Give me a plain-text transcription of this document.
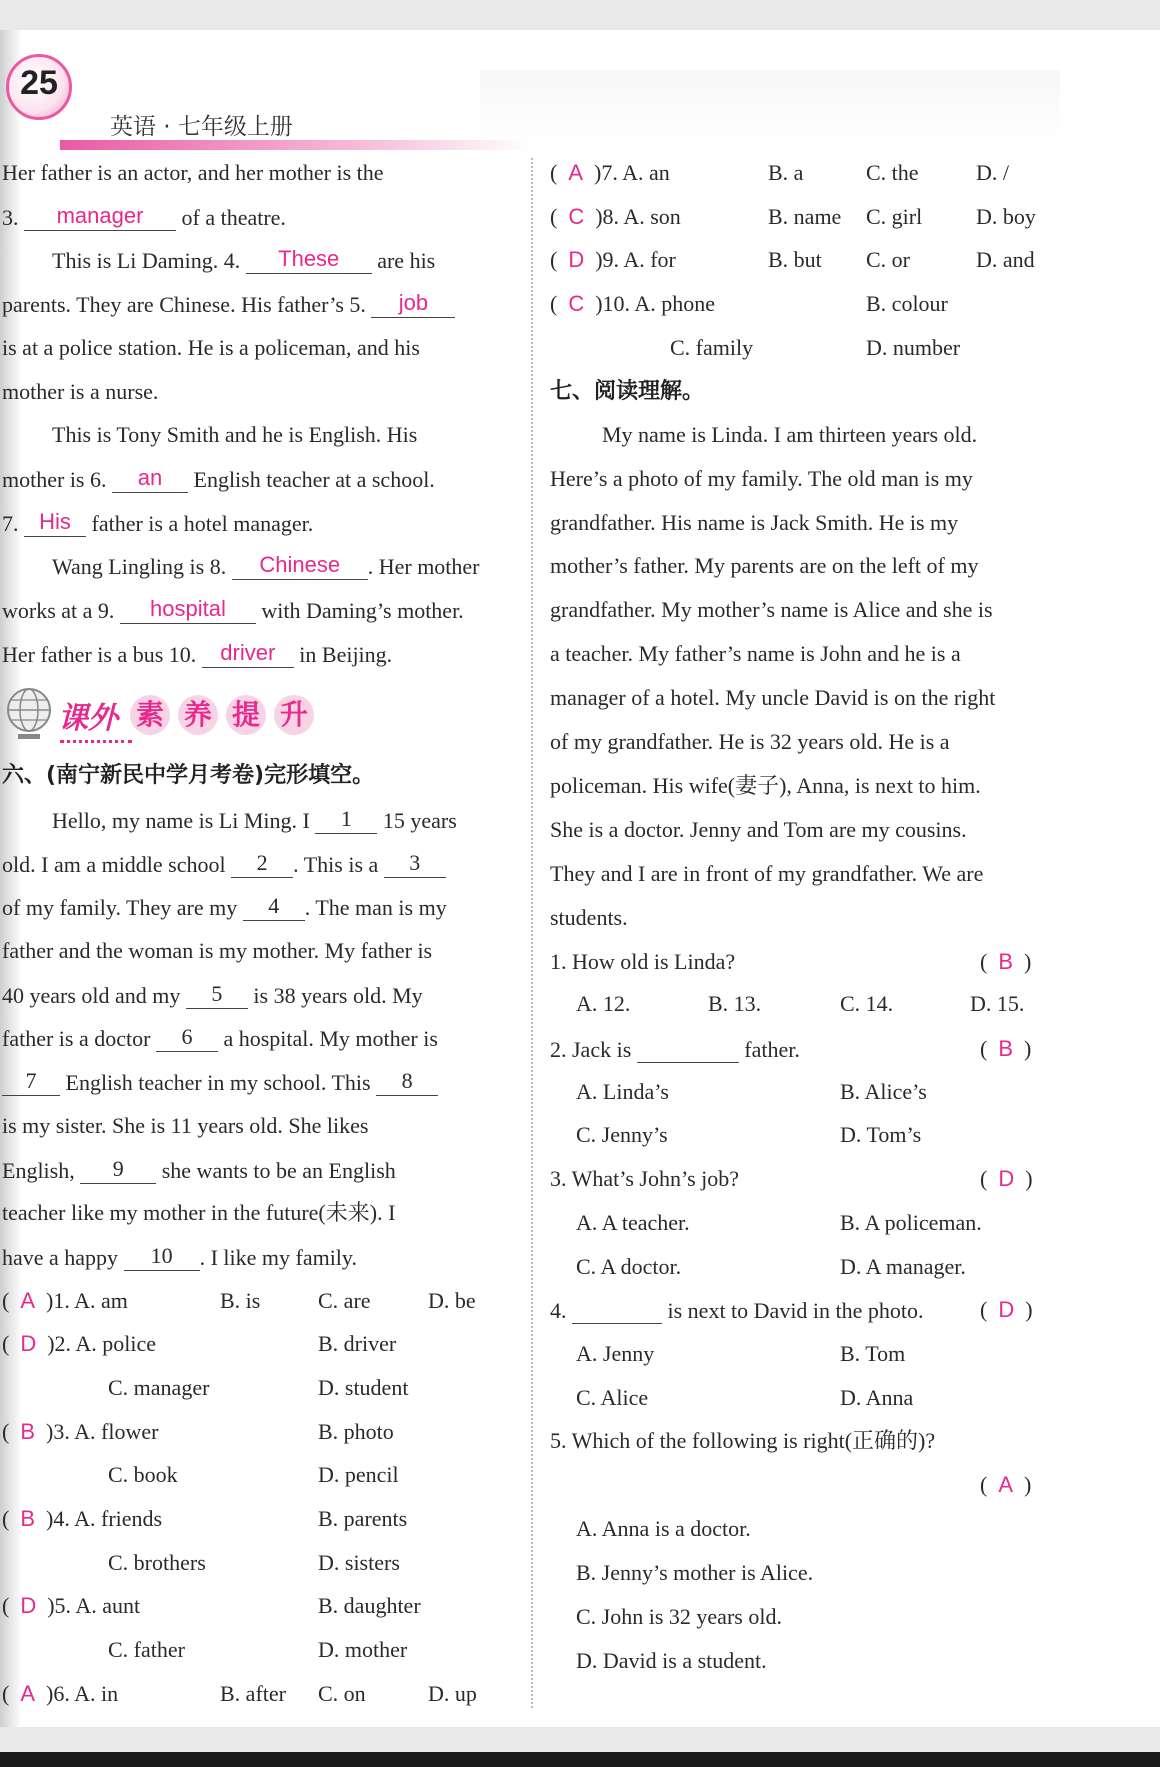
25
英语 · 七年级上册
Her father is an actor, and her mother is the
3. manager of a theatre.
This is Li Daming. 4. These are his
parents. They are Chinese. His father’s 5. job
is at a police station. He is a policeman, and his
mother is a nurse.
This is Tony Smith and he is English. His
mother is 6. an English teacher at a school.
7. His father is a hotel manager.
Wang Lingling is 8. Chinese . Her mother
works at a 9. hospital with Daming’s mother.
Her father is a bus 10. driver in Beijing.
课外 素 养 提 升
六、(南宁新民中学月考卷)完形填空。
Hello, my name is Li Ming. I 1 15 years
old. I am a middle school 2 . This is a 3
of my family. They are my 4 . The man is my
father and the woman is my mother. My father is
40 years old and my 5 is 38 years old. My
father is a doctor 6 a hospital. My mother is
7 English teacher in my school. This 8
is my sister. She is 11 years old. She likes
English, 9 she wants to be an English
teacher like my mother in the future(未来). I
have a happy 10 . I like my family.
(  A )1. A. am	B. is	C. are	D. be
(  D )2. A. police	B. driver
C. manager	D. student
(  B )3. A. flower	B. photo
C. book	D. pencil
(  B )4. A. friends	B. parents
C. brothers	D. sisters
(  D )5. A. aunt	B. daughter
C. father	D. mother
(  A )6. A. in	B. after C. on	D. up
(  A )7. A. an	B. a	C. the	D. /
(  C )8. A. son	B. name C. girl D. boy
(  D )9. A. for	B. but C. or	D. and
(  C )10. A. phone	B. colour
C. family	D. number
七、阅读理解。
My name is Linda. I am thirteen years old.
Here’s a photo of my family. The old man is my
grandfather. His name is Jack Smith. He is my
mother’s father. My parents are on the left of my
grandfather. My mother’s name is Alice and she is
a teacher. My father’s name is John and he is a
manager of a hotel. My uncle David is on the right
of my grandfather. He is 32 years old. He is a
policeman. His wife(妻子), Anna, is next to him.
She is a doctor. Jenny and Tom are my cousins.
They and I are in front of my grandfather. We are
students.
1. How old is Linda?	(  B  )
A. 12.	B. 13.	C. 14.	D. 15.
2. Jack is	father.	(  B  )
A. Linda’s	B. Alice’s
C. Jenny’s	D. Tom’s
3. What’s John’s job?	(  D  )
A. A teacher.	B. A policeman.
C. A doctor.	D. A manager.
4.	is next to David in the photo.	(  D  )
A. Jenny	B. Tom
C. Alice	D. Anna
5. Which of the following is right(正确的)?
(  A  )
A. Anna is a doctor.
B. Jenny’s mother is Alice.
C. John is 32 years old.
D. David is a student.
